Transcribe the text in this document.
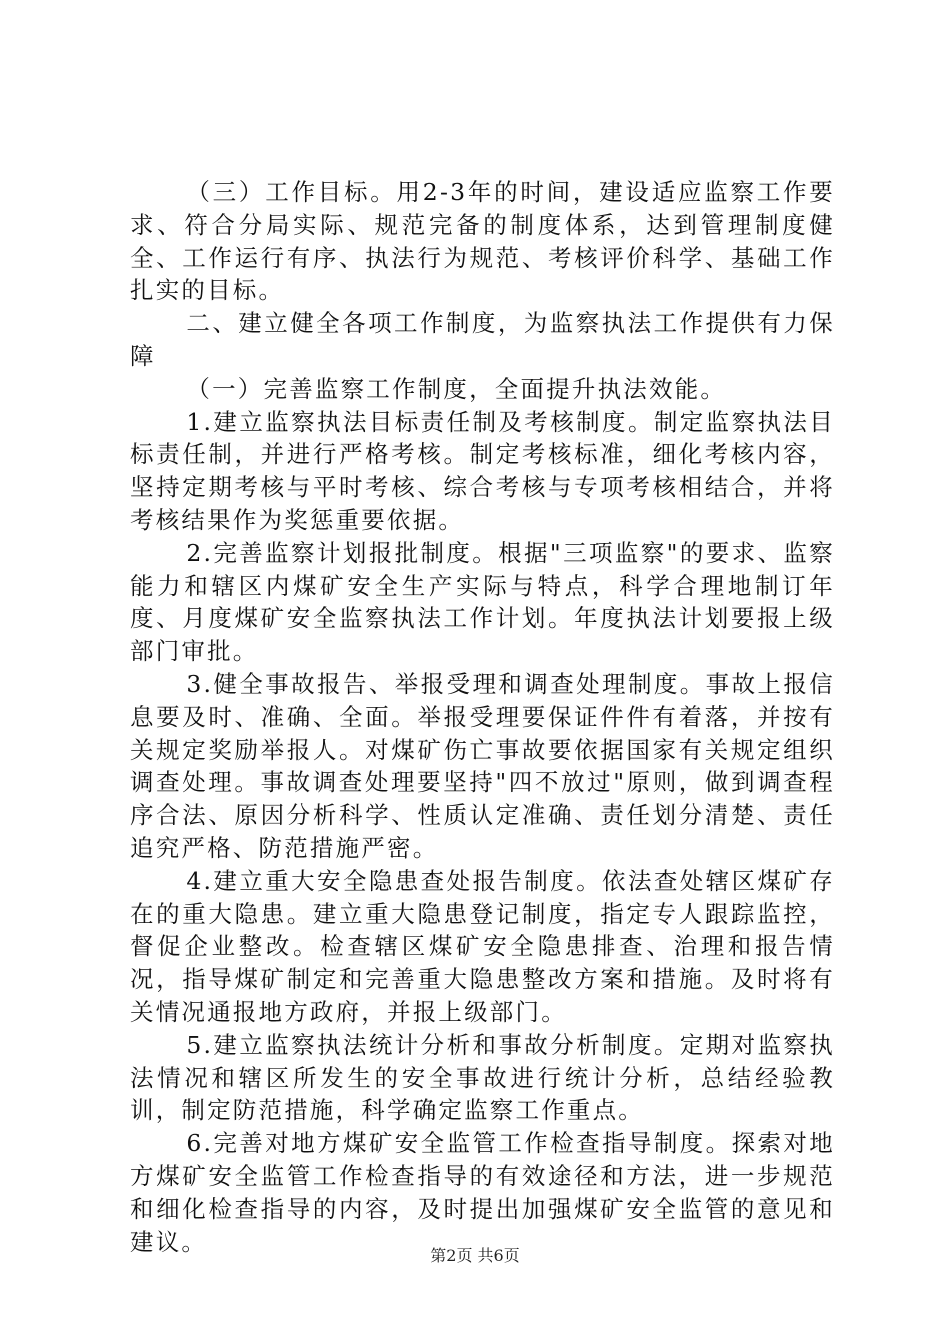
（三）工作目标。用2-3年的时间，建设适应监察工作要求、符合分局实际、规范完备的制度体系，达到管理制度健全、工作运行有序、执法行为规范、考核评价科学、基础工作扎实的目标。

二、建立健全各项工作制度，为监察执法工作提供有力保障

（一）完善监察工作制度，全面提升执法效能。

1.建立监察执法目标责任制及考核制度。制定监察执法目标责任制，并进行严格考核。制定考核标准，细化考核内容，坚持定期考核与平时考核、综合考核与专项考核相结合，并将考核结果作为奖惩重要依据。

2.完善监察计划报批制度。根据"三项监察"的要求、监察能力和辖区内煤矿安全生产实际与特点，科学合理地制订年度、月度煤矿安全监察执法工作计划。年度执法计划要报上级部门审批。

3.健全事故报告、举报受理和调查处理制度。事故上报信息要及时、准确、全面。举报受理要保证件件有着落，并按有关规定奖励举报人。对煤矿伤亡事故要依据国家有关规定组织调查处理。事故调查处理要坚持"四不放过"原则，做到调查程序合法、原因分析科学、性质认定准确、责任划分清楚、责任追究严格、防范措施严密。

4.建立重大安全隐患查处报告制度。依法查处辖区煤矿存在的重大隐患。建立重大隐患登记制度，指定专人跟踪监控，督促企业整改。检查辖区煤矿安全隐患排查、治理和报告情况，指导煤矿制定和完善重大隐患整改方案和措施。及时将有关情况通报地方政府，并报上级部门。

5.建立监察执法统计分析和事故分析制度。定期对监察执法情况和辖区所发生的安全事故进行统计分析，总结经验教训，制定防范措施，科学确定监察工作重点。

6.完善对地方煤矿安全监管工作检查指导制度。探索对地方煤矿安全监管工作检查指导的有效途径和方法，进一步规范和细化检查指导的内容，及时提出加强煤矿安全监管的意见和建议。	第2页 共6页
